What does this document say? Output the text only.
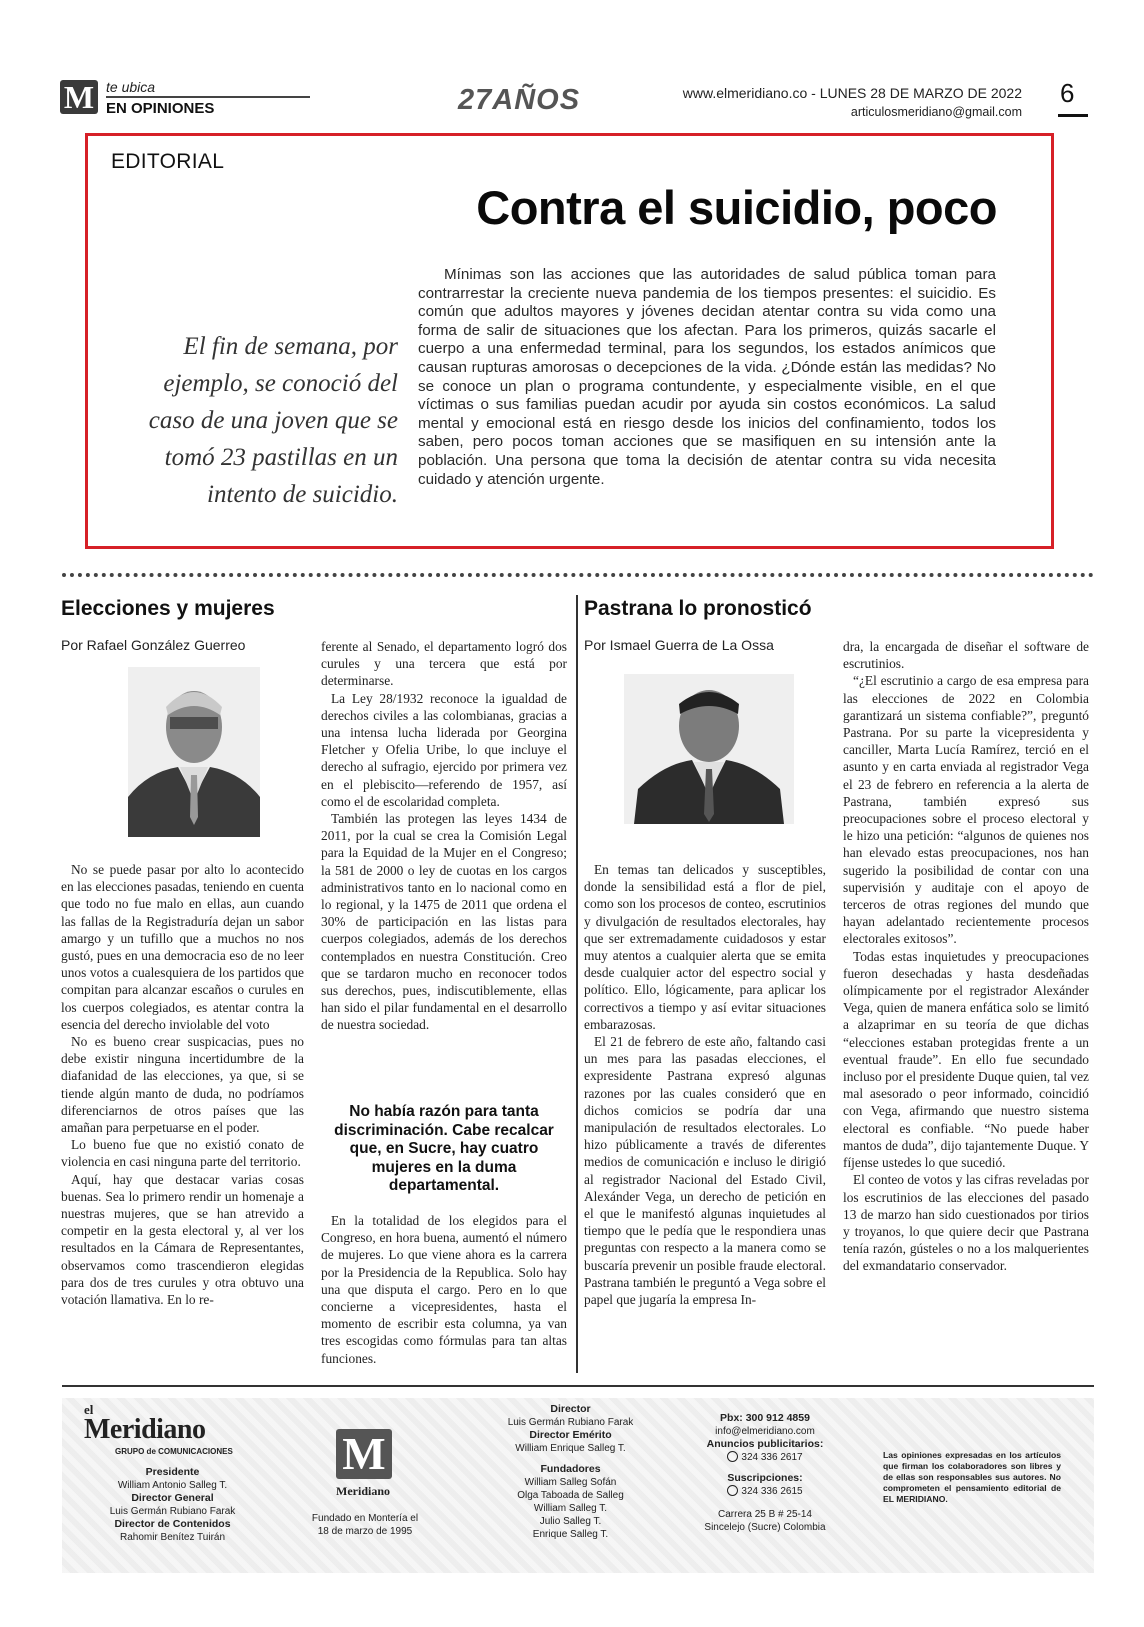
M te ubica
EN OPINIONES	27AÑOS	www.elmeridiano.co - LUNES 28 DE MARZO DE 2022
articulosmeridiano@gmail.com
6
EDITORIAL
Contra el suicidio, poco
El fin de semana, por ejemplo, se conoció del caso de una joven que se tomó 23 pastillas en un intento de suicidio.
Mínimas son las acciones que las autoridades de salud pública toman para contrarrestar la creciente nueva pandemia de los tiempos presentes: el suicidio. Es común que adultos mayores y jóvenes decidan atentar contra su vida como una forma de salir de situaciones que los afectan. Para los primeros, quizás sacarle el cuerpo a una enfermedad terminal, para los segundos, los estados anímicos que causan rupturas amorosas o decepciones de la vida. ¿Dónde están las medidas? No se conoce un plan o programa contundente, y especialmente visible, en el que víctimas o sus familias puedan acudir por ayuda sin costos económicos. La salud mental y emocional está en riesgo desde los inicios del confinamiento, todos los saben, pero pocos toman acciones que se masifiquen en su intensión ante la población. Una persona que toma la decisión de atentar contra su vida necesita cuidado y atención urgente.
Elecciones y mujeres
Por Rafael González Guerreo

No se puede pasar por alto lo acontecido en las elecciones pasadas, teniendo en cuenta que todo no fue malo en ellas, aun cuando las fallas de la Registraduría dejan un sabor amargo y un tufillo que a muchos no nos gustó, pues en una democracia eso de no leer unos votos a cualesquiera de los partidos que compitan para alcanzar escaños o curules en los cuerpos colegiados, es atentar contra la esencia del derecho inviolable del voto

No es bueno crear suspicacias, pues no debe existir ninguna incertidumbre de la diafanidad de las elecciones, ya que, si se tiende algún manto de duda, no podríamos diferenciarnos de otros países que las amañan para perpetuarse en el poder.

Lo bueno fue que no existió conato de violencia en casi ninguna parte del territorio.

Aquí, hay que destacar varias cosas buenas. Sea lo primero rendir un homenaje a nuestras mujeres, que se han atrevido a competir en la gesta electoral y, al ver los resultados en la Cámara de Representantes, observamos como trascendieron elegidas para dos de tres curules y otra obtuvo una votación llamativa. En lo re-

ferente al Senado, el departamento logró dos curules y una tercera que está por determinarse.

La Ley 28/1932 reconoce la igualdad de derechos civiles a las colombianas, gracias a una intensa lucha liderada por Georgina Fletcher y Ofelia Uribe, lo que incluye el derecho al sufragio, ejercido por primera vez en el plebiscito—referendo de 1957, así como el de escolaridad completa.

También las protegen las leyes 1434 de 2011, por la cual se crea la Comisión Legal para la Equidad de la Mujer en el Congreso; la 581 de 2000 o ley de cuotas en los cargos administrativos tanto en lo nacional como en lo regional, y la 1475 de 2011 que ordena el 30% de participación en las listas para cuerpos colegiados, además de los derechos contemplados en nuestra Constitución. Creo que se tardaron mucho en reconocer todos sus derechos, pues, indiscutiblemente, ellas han sido el pilar fundamental en el desarrollo de nuestra sociedad.

No había razón para tanta discriminación. Cabe recalcar que, en Sucre, hay cuatro mujeres en la duma departamental.

En la totalidad de los elegidos para el Congreso, en hora buena, aumentó el número de mujeres. Lo que viene ahora es la carrera por la Presidencia de la Republica. Solo hay una que disputa el cargo. Pero en lo que concierne a vicepresidentes, hasta el momento de escribir esta columna, ya van tres escogidas como fórmulas para tan altas funciones.

Pastrana lo pronosticó
Por Ismael Guerra de La Ossa

En temas tan delicados y susceptibles, donde la sensibilidad está a flor de piel, como son los procesos de conteo, escrutinios y divulgación de resultados electorales, hay que ser extremadamente cuidadosos y estar muy atentos a cualquier alerta que se emita desde cualquier actor del espectro social y político. Ello, lógicamente, para aplicar los correctivos a tiempo y así evitar situaciones embarazosas.

El 21 de febrero de este año, faltando casi un mes para las pasadas elecciones, el expresidente Pastrana expresó algunas razones por las cuales consideró que en dichos comicios se podría dar una manipulación de resultados electorales. Lo hizo públicamente a través de diferentes medios de comunicación e incluso le dirigió al registrador Nacional del Estado Civil, Alexánder Vega, un derecho de petición en el que le manifestó algunas inquietudes al tiempo que le pedía que le respondiera unas preguntas con respecto a la manera como se buscaría prevenir un posible fraude electoral. Pastrana también le preguntó a Vega sobre el papel que jugaría la empresa In-

dra, la encargada de diseñar el software de escrutinios.

“¿El escrutinio a cargo de esa empresa para las elecciones de 2022 en Colombia garantizará un sistema confiable?”, preguntó Pastrana. Por su parte la vicepresidenta y canciller, Marta Lucía Ramírez, terció en el asunto y en carta enviada al registrador Vega el 23 de febrero en referencia a la alerta de Pastrana, también expresó sus preocupaciones sobre el proceso electoral y le hizo una petición: “algunos de quienes nos han elevado estas preocupaciones, nos han sugerido la posibilidad de contar con una supervisión y auditaje con el apoyo de terceros de otras regiones del mundo que hayan adelantado recientemente procesos electorales exitosos”.

Todas estas inquietudes y preocupaciones fueron desechadas y hasta desdeñadas olímpicamente por el registrador Alexánder Vega, quien de manera enfática solo se limitó a alzaprimar en su teoría de que dichas “elecciones estaban protegidas frente a un eventual fraude”. En ello fue secundado incluso por el presidente Duque quien, tal vez mal asesorado o peor informado, coincidió con Vega, afirmando que nuestro sistema electoral es confiable. “No puede haber mantos de duda”, dijo tajantemente Duque. Y fíjense ustedes lo que sucedió.

El conteo de votos y las cifras reveladas por los escrutinios de las elecciones del pasado 13 de marzo han sido cuestionados por tirios y troyanos, lo que quiere decir que Pastrana tenía razón, gústeles o no a los malquerientes del exmandatario conservador.

el
Meridiano
GRUPO de COMUNICACIONES
Presidente
William Antonio Salleg T.
Director General
Luis Germán Rubiano Farak
Director de Contenidos
Rahomir Benítez Tuirán
M
Meridiano
Fundado en Montería el 18 de marzo de 1995
Director
Luis Germán Rubiano Farak
Director Emérito
William Enrique Salleg T.
Fundadores
William Salleg Sofán
Olga Taboada de Salleg
William Salleg T.
Julio Salleg T.
Enrique Salleg T.
Pbx: 300 912 4859
info@elmeridiano.com
Anuncios publicitarios:
324 336 2617
Suscripciones:
324 336 2615
Carrera 25 B # 25-14
Sincelejo (Sucre) Colombia
Las opiniones expresadas en los artículos que firman los colaboradores son libres y de ellas son responsables sus autores. No comprometen el pensamiento editorial de EL MERIDIANO.
